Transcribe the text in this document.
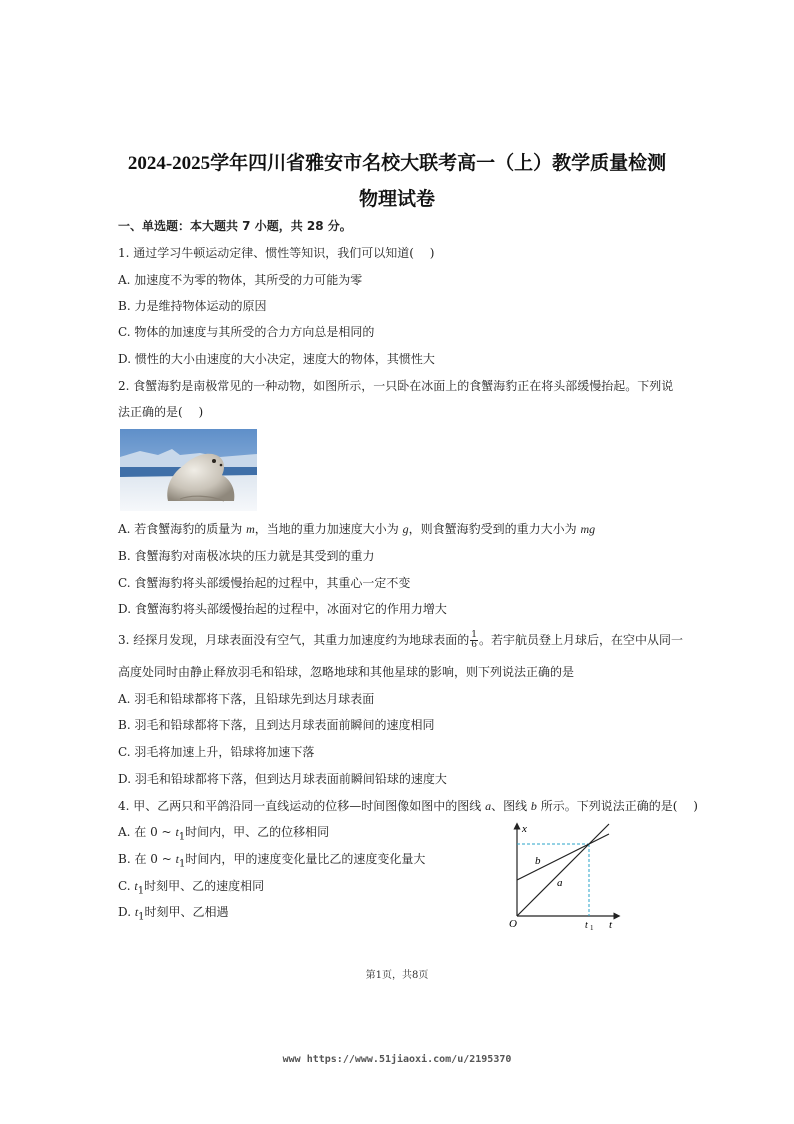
2024-2025学年四川省雅安市名校大联考高一（上）教学质量检测
物理试卷
一、单选题：本大题共 7 小题，共 28 分。
1. 通过学习牛顿运动定律、惯性等知识，我们可以知道(　 )
A. 加速度不为零的物体，其所受的力可能为零
B. 力是维持物体运动的原因
C. 物体的加速度与其所受的合力方向总是相同的
D. 惯性的大小由速度的大小决定，速度大的物体，其惯性大
2. 食蟹海豹是南极常见的一种动物，如图所示，一只卧在冰面上的食蟹海豹正在将头部缓慢抬起。下列说
法正确的是(　 )
A. 若食蟹海豹的质量为 m，当地的重力加速度大小为 g，则食蟹海豹受到的重力大小为 mg
B. 食蟹海豹对南极冰块的压力就是其受到的重力
C. 食蟹海豹将头部缓慢抬起的过程中，其重心一定不变
D. 食蟹海豹将头部缓慢抬起的过程中，冰面对它的作用力增大
3. 经探月发现，月球表面没有空气，其重力加速度约为地球表面的 $\frac{1}{6}$ 。若宇航员登上月球后，在空中从同一
高度处同时由静止释放羽毛和铅球，忽略地球和其他星球的影响，则下列说法正确的是
A. 羽毛和铅球都将下落，且铅球先到达月球表面
B. 羽毛和铅球都将下落，且到达月球表面前瞬间的速度相同
C. 羽毛将加速上升，铅球将加速下落
D. 羽毛和铅球都将下落，但到达月球表面前瞬间铅球的速度大
4. 甲、乙两只和平鸽沿同一直线运动的位移—时间图像如图中的图线 a、图线 b 所示。下列说法正确的是(　 )
A. 在 0 ~ $t_1$时间内，甲、乙的位移相同
B. 在 0 ~ $t_1$时间内，甲的速度变化量比乙的速度变化量大
C. $t_1$时刻甲、乙的速度相同
D. $t_1$时刻甲、乙相遇
x
t
O	t 1
a
b
第1页，共8页
www https://www.51jiaoxi.com/u/2195370
